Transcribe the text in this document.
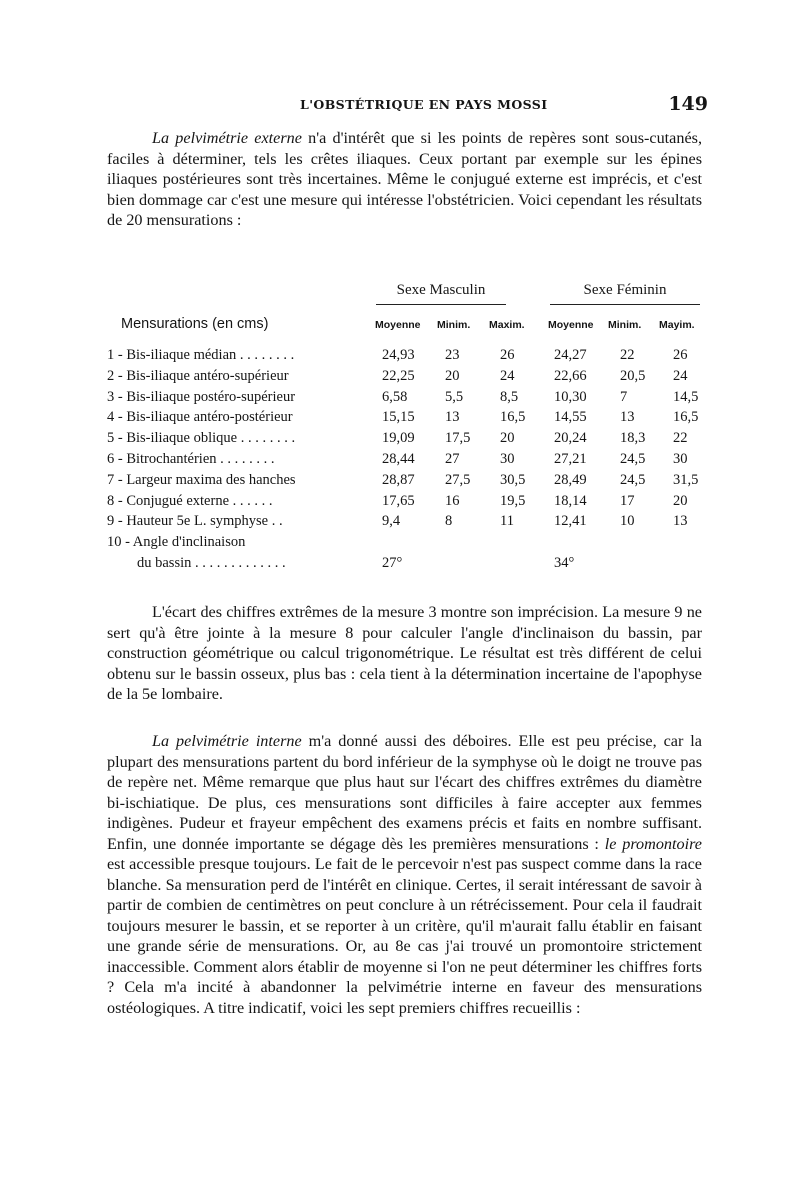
L'OBSTÉTRIQUE EN PAYS MOSSI	149

La pelvimétrie externe n'a d'intérêt que si les points de repères sont sous-cutanés, faciles à déterminer, tels les crêtes iliaques. Ceux portant par exemple sur les épines iliaques postérieures sont très incertaines. Même le conjugué externe est imprécis, et c'est bien dommage car c'est une mesure qui intéresse l'obstétricien. Voici cependant les résultats de 20 mensurations :

Sexe Masculin	Sexe Féminin
Mensurations (en cms)	Moyenne Minim. Maxim. Moyenne Minim. Mayim.
1 - Bis-iliaque médian . . . . . . . .	24,93 23	26	24,27 22	26
2 - Bis-iliaque antéro-supérieur	22,25 20	24	22,66 20,5 24
3 - Bis-iliaque postéro-supérieur	6,58	5,5	8,5 10,30 7	14,5
4 - Bis-iliaque antéro-postérieur	15,15 13	16,5 14,55 13	16,5
5 - Bis-iliaque oblique . . . . . . . .	19,09 17,5 20	20,24 18,3 22
6 - Bitrochantérien . . . . . . . .	28,44 27	30	27,21 24,5 30
7 - Largeur maxima des hanches	28,87 27,5 30,5 28,49 24,5 31,5
8 - Conjugué externe . . . . . .	17,65 16	19,5 18,14 17	20
9 - Hauteur 5e L. symphyse . .	9,4	8	11	12,41 10	13
10 - Angle d'inclinaison
du bassin . . . . . . . . . . . . .	27°	34°

L'écart des chiffres extrêmes de la mesure 3 montre son imprécision. La mesure 9 ne sert qu'à être jointe à la mesure 8 pour calculer l'angle d'inclinaison du bassin, par construction géométrique ou calcul trigonométrique. Le résultat est très différent de celui obtenu sur le bassin osseux, plus bas : cela tient à la détermination incertaine de l'apophyse de la 5e lombaire.

La pelvimétrie interne m'a donné aussi des déboires. Elle est peu précise, car la plupart des mensurations partent du bord inférieur de la symphyse où le doigt ne trouve pas de repère net. Même remarque que plus haut sur l'écart des chiffres extrêmes du diamètre bi-ischiatique. De plus, ces mensurations sont difficiles à faire accepter aux femmes indigènes. Pudeur et frayeur empêchent des examens précis et faits en nombre suffisant. Enfin, une donnée importante se dégage dès les premières mensurations : le promontoire est accessible presque toujours. Le fait de le percevoir n'est pas suspect comme dans la race blanche. Sa mensuration perd de l'intérêt en clinique. Certes, il serait intéressant de savoir à partir de combien de centimètres on peut conclure à un rétrécissement. Pour cela il faudrait toujours mesurer le bassin, et se reporter à un critère, qu'il m'aurait fallu établir en faisant une grande série de mensurations. Or, au 8e cas j'ai trouvé un promontoire strictement inaccessible. Comment alors établir de moyenne si l'on ne peut déterminer les chiffres forts ? Cela m'a incité à abandonner la pelvimétrie interne en faveur des mensurations ostéologiques. A titre indicatif, voici les sept premiers chiffres recueillis :
